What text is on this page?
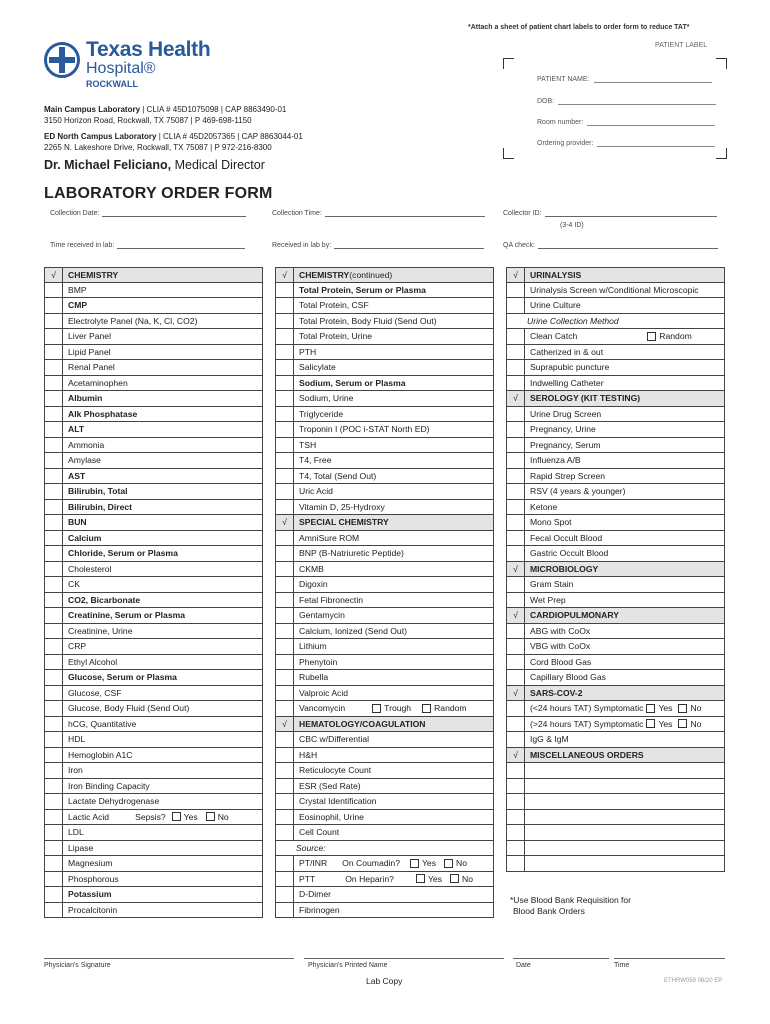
*Attach a sheet of patient chart labels to order form to reduce TAT*
PATIENT LABEL
PATIENT NAME:
DOB:
Room number:
Ordering provider:
Texas Health
Hospital®
ROCKWALL
Main Campus Laboratory | CLIA # 45D1075098 | CAP 8863490-01
3150 Horizon Road, Rockwall, TX 75087 | P 469-698-1150
ED North Campus Laboratory | CLIA # 45D2057365 | CAP 8863044-01
2265 N. Lakeshore Drive, Rockwall, TX 75087 | P 972-216-8300
Dr. Michael Feliciano, Medical Director
LABORATORY ORDER FORM
Collection Date:	Collection Time:	Collector ID:
(3-4 ID)
Time received in lab:	Received in lab by:	QA check:
√	CHEMISTRY
BMP
CMP
Electrolyte Panel (Na, K, Cl, CO2)
Liver Panel
Lipid Panel
Renal Panel
Acetaminophen
Albumin
Alk Phosphatase
ALT
Ammonia
Amylase
AST
Bilirubin, Total
Bilirubin, Direct
BUN
Calcium
Chloride, Serum or Plasma
Cholesterol
CK
CO2, Bicarbonate
Creatinine, Serum or Plasma
Creatinine, Urine
CRP
Ethyl Alcohol
Glucose, Serum or Plasma
Glucose, CSF
Glucose, Body Fluid (Send Out)
hCG, Quantitative
HDL
Hemoglobin A1C
Iron
Iron Binding Capacity
Lactate Dehydrogenase
Lactic Acid	Sepsis? Yes No
LDL
Lipase
Magnesium
Phosphorous
Potassium
Procalcitonin
√	CHEMISTRY (continued)
Total Protein, Serum or Plasma
Total Protein, CSF
Total Protein, Body Fluid (Send Out)
Total Protein, Urine
PTH
Salicylate
Sodium, Serum or Plasma
Sodium, Urine
Triglyceride
Troponin I (POC i-STAT North ED)
TSH
T4, Free
T4, Total (Send Out)
Uric Acid
Vitamin D, 25-Hydroxy
√	SPECIAL CHEMISTRY
AmniSure ROM
BNP (B-Natriuretic Peptide)
CKMB
Digoxin
Fetal Fibronectin
Gentamycin
Calcium, Ionized (Send Out)
Lithium
Phenytoin
Rubella
Valproic Acid
Vancomycin	Trough	Random
√	HEMATOLOGY/COAGULATION
CBC w/Differential
H&H
Reticulocyte Count
ESR (Sed Rate)
Crystal Identification
Eosinophil, Urine
Cell Count
Source:
PT/INR On Coumadin?	Yes No
PTT	On Heparin?	Yes No
D-Dimer
Fibrinogen
√	URINALYSIS
Urinalysis Screen w/Conditional Microscopic
Urine Culture
Urine Collection Method
Clean Catch	Random
Catherized in & out
Suprapubic puncture
Indwelling Catheter
√	SEROLOGY (KIT TESTING)
Urine Drug Screen
Pregnancy, Urine
Pregnancy, Serum
Influenza A/B
Rapid Strep Screen
RSV (4 years & younger)
Ketone
Mono Spot
Fecal Occult Blood
Gastric Occult Blood
√	MICROBIOLOGY
Gram Stain
Wet Prep
√	CARDIOPULMONARY
ABG with CoOx
VBG with CoOx
Cord Blood Gas
Capillary Blood Gas
√	SARS-COV-2
(<24 hours TAT) Symptomatic Yes No
(>24 hours TAT) Symptomatic Yes No
IgG & IgM
√	MISCELLANEOUS ORDERS
*Use Blood Bank Requisition for
Blood Bank Orders
Physician's Signature	Physician's Printed Name	Date	Time
Lab Copy	ETHRW059 06/20 EP
